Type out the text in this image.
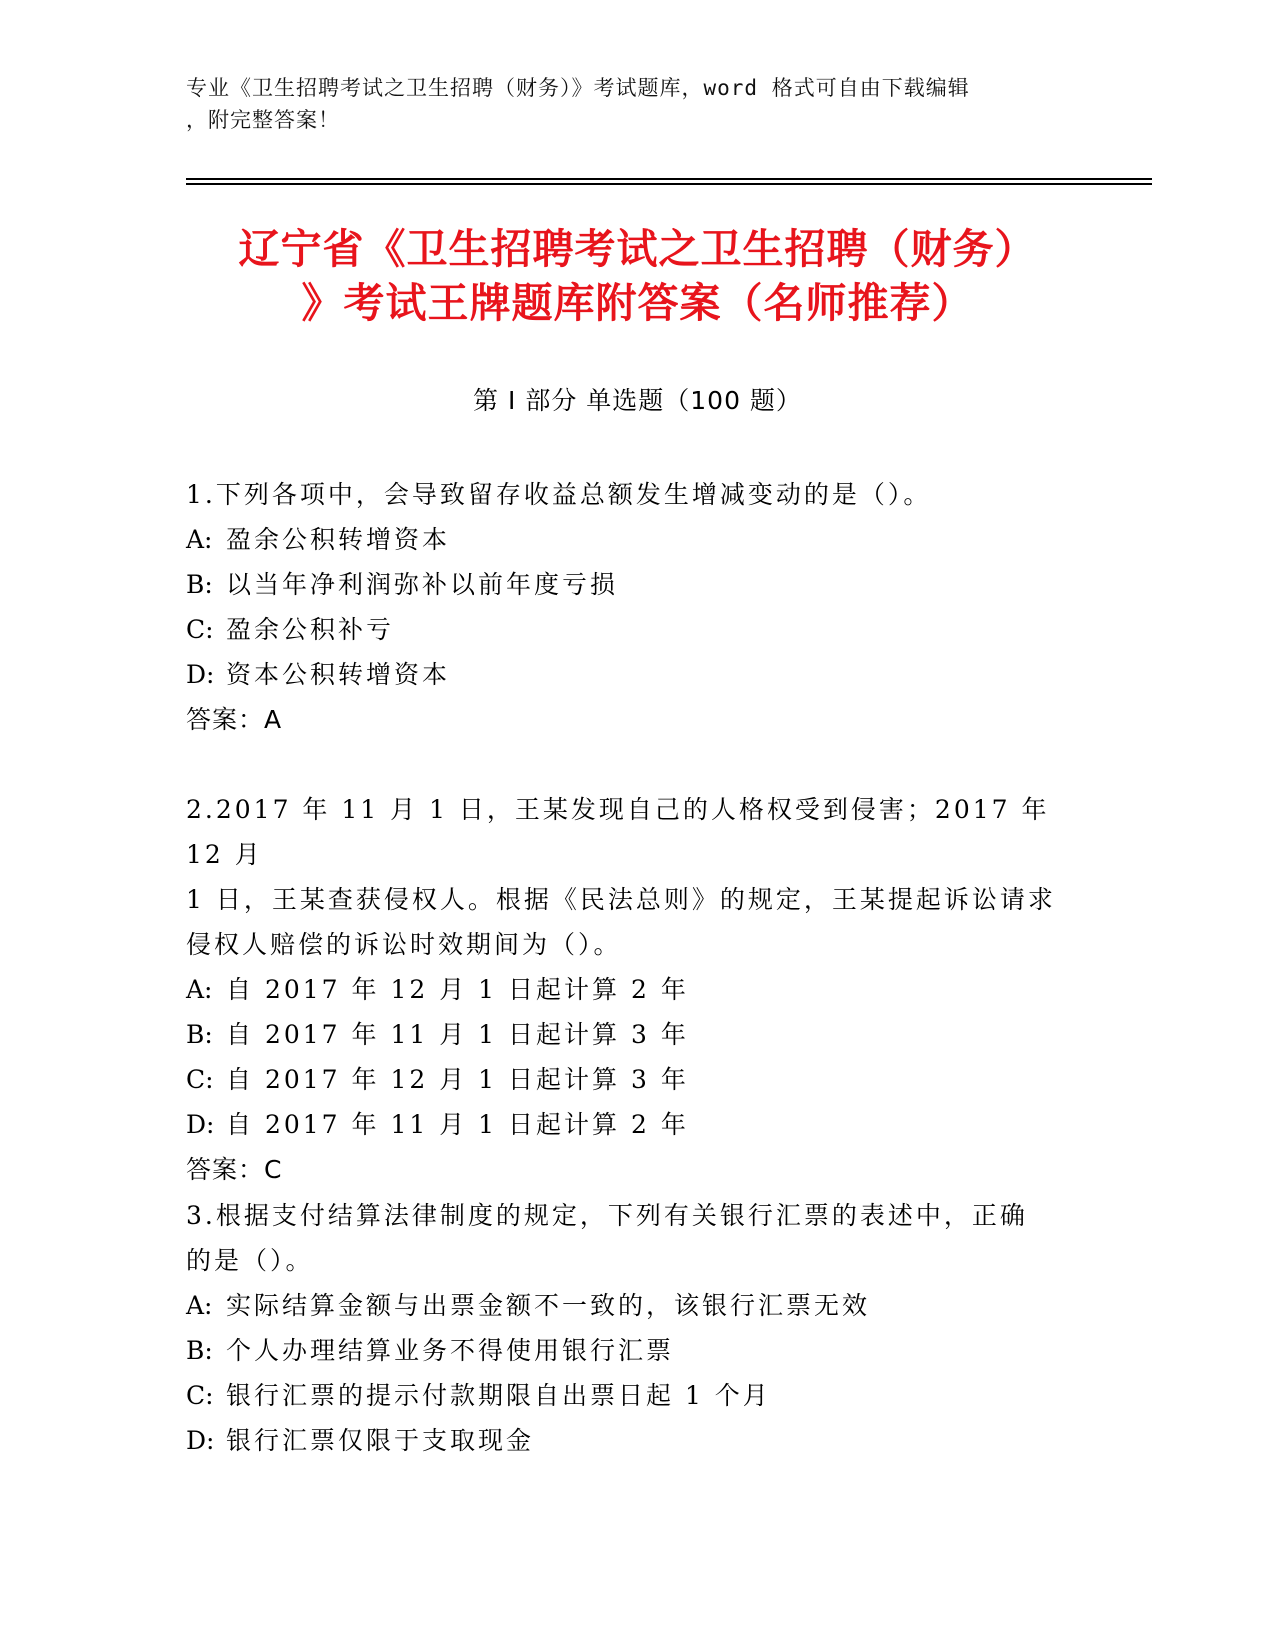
专业《卫生招聘考试之卫生招聘（财务）》考试题库，word 格式可自由下载编辑
，附完整答案！
辽宁省《卫生招聘考试之卫生招聘（财务）
》考试王牌题库附答案（名师推荐）
第 I 部分 单选题（100 题）
1.下列各项中，会导致留存收益总额发生增减变动的是（）。
A: 盈余公积转增资本
B: 以当年净利润弥补以前年度亏损
C: 盈余公积补亏
D: 资本公积转增资本
答案：A
2.2017 年 11 月 1 日，王某发现自己的人格权受到侵害；2017 年 12 月
1 日，王某查获侵权人。根据《民法总则》的规定，王某提起诉讼请求
侵权人赔偿的诉讼时效期间为（）。
A: 自 2017 年 12 月 1 日起计算 2 年
B: 自 2017 年 11 月 1 日起计算 3 年
C: 自 2017 年 12 月 1 日起计算 3 年
D: 自 2017 年 11 月 1 日起计算 2 年
答案：C
3.根据支付结算法律制度的规定，下列有关银行汇票的表述中，正确
的是（）。
A: 实际结算金额与出票金额不一致的，该银行汇票无效
B: 个人办理结算业务不得使用银行汇票
C: 银行汇票的提示付款期限自出票日起 1 个月
D: 银行汇票仅限于支取现金
